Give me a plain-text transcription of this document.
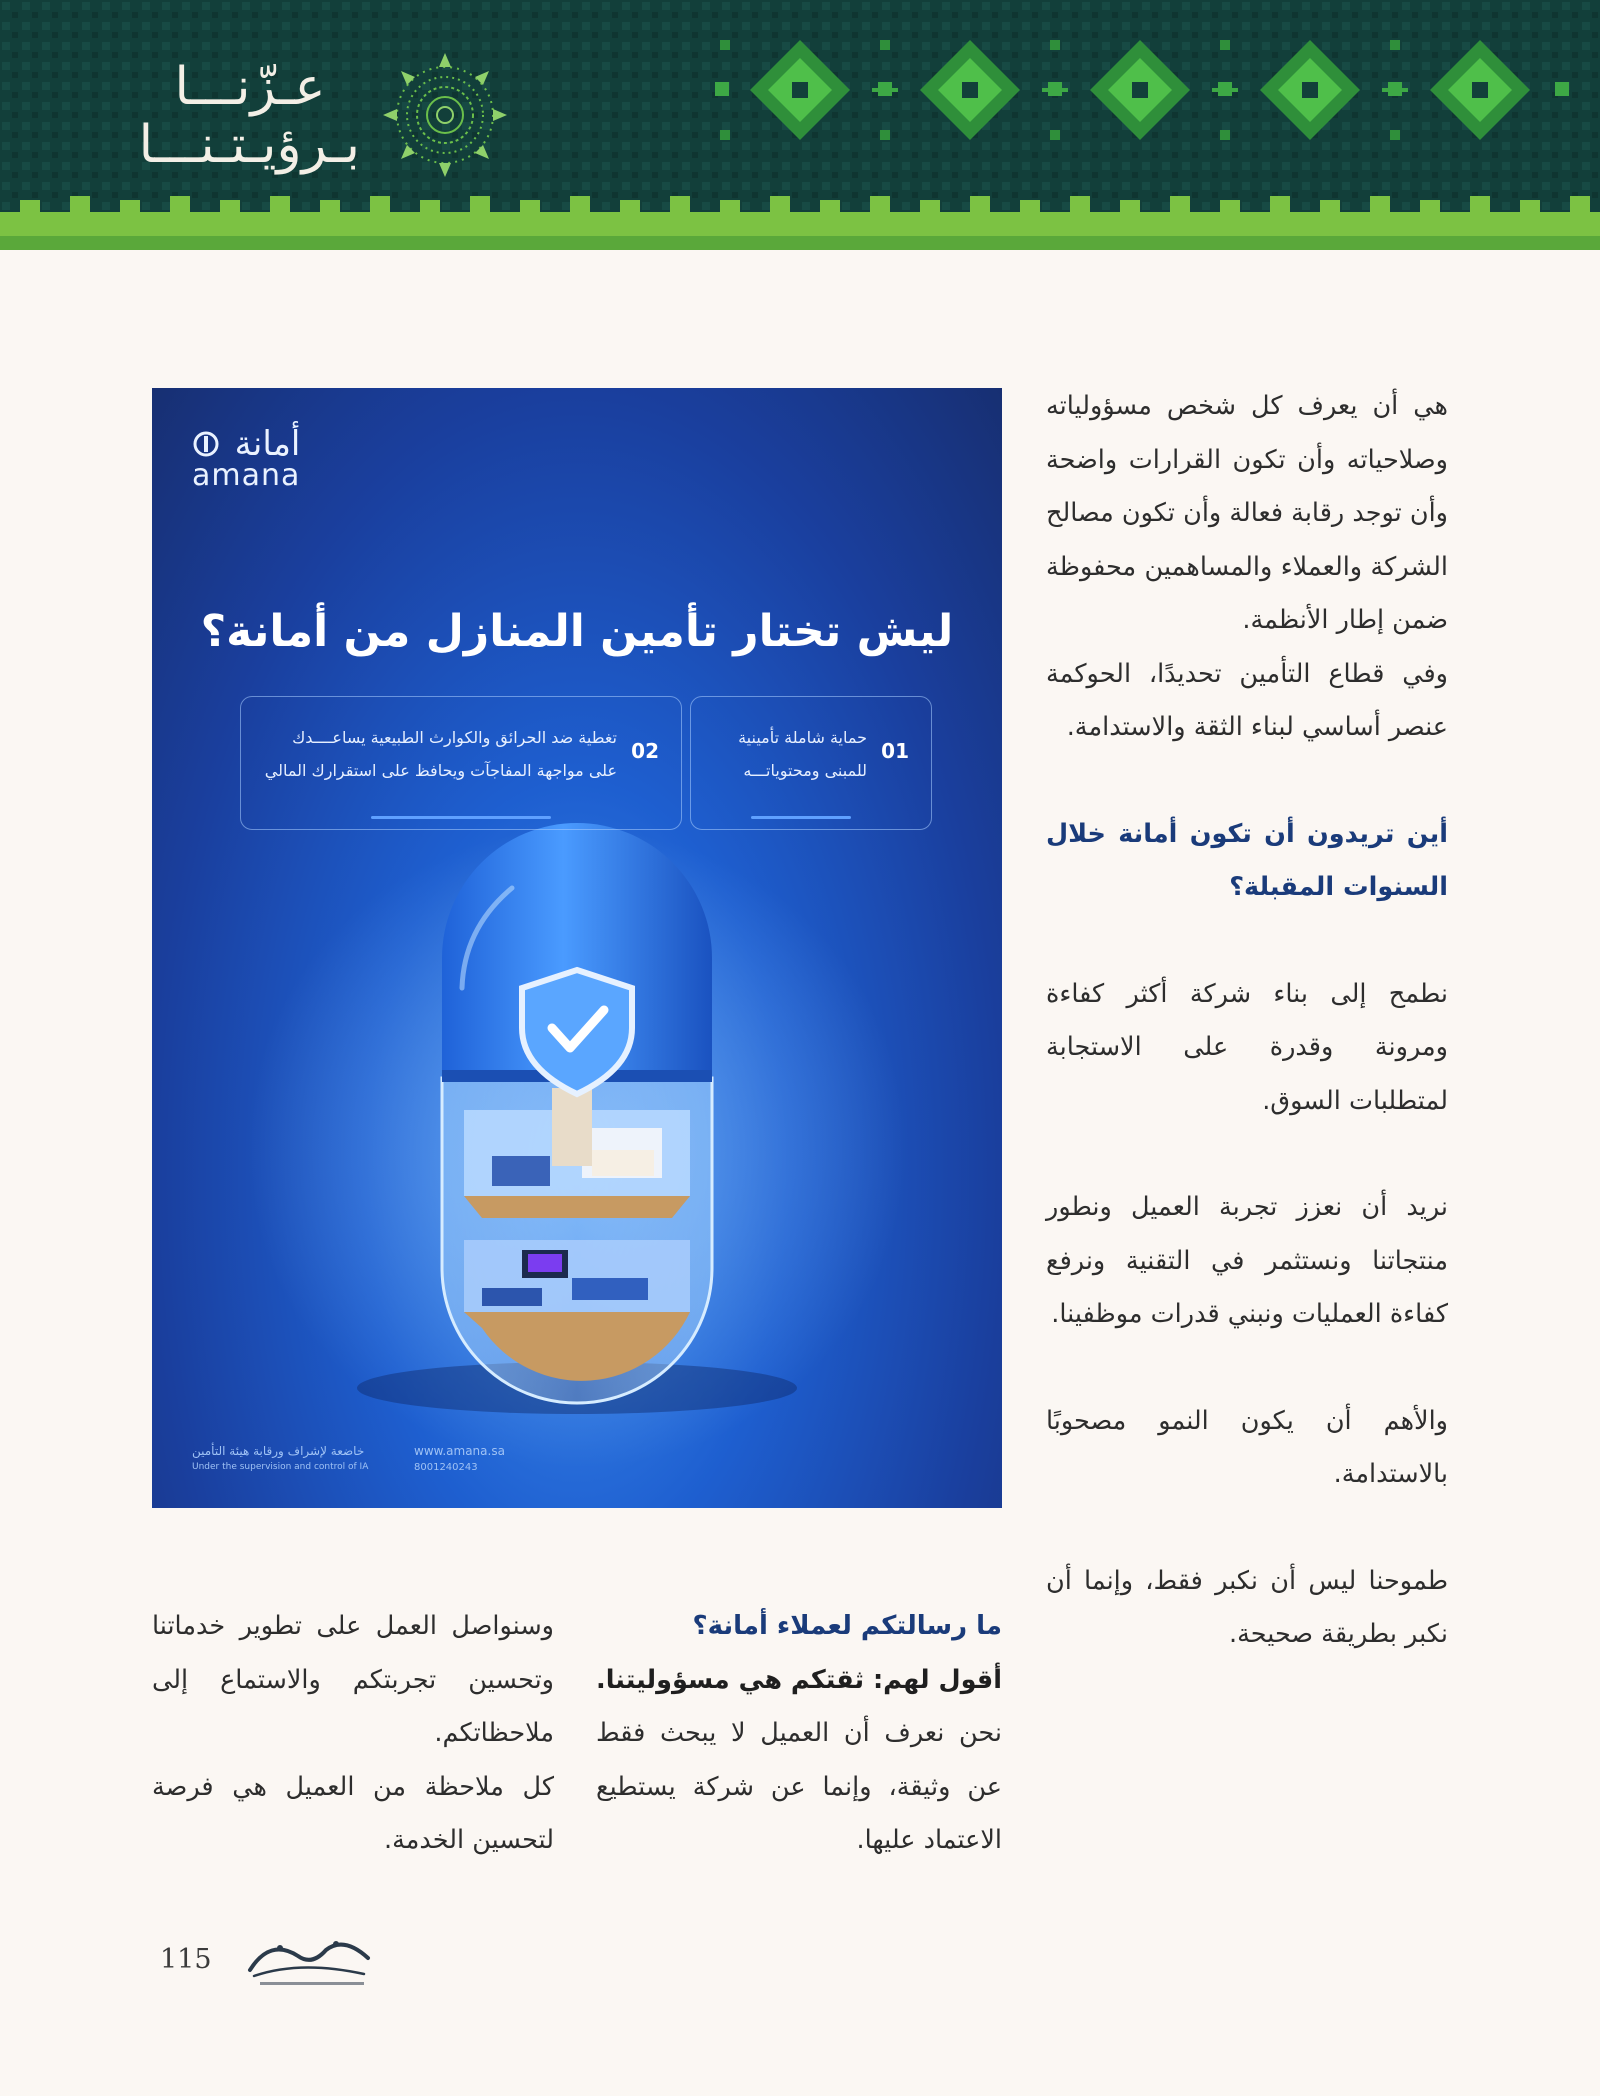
عـزّنـــا
بـرؤيـتـنـــا

هي أن يعرف كل شخص مسؤولياته وصلاحياته وأن تكون القرارات واضحة وأن توجد رقابة فعالة وأن تكون مصالح الشركة والعملاء والمساهمين محفوظة ضمن إطار الأنظمة.

وفي قطاع التأمين تحديدًا، الحوكمة عنصر أساسي لبناء الثقة والاستدامة.

أين تريدون أن تكون أمانة خلال السنوات المقبلة؟

نطمح إلى بناء شركة أكثر كفاءة ومرونة وقدرة على الاستجابة لمتطلبات السوق.

نريد أن نعزز تجربة العميل ونطور منتجاتنا ونستثمر في التقنية ونرفع كفاءة العمليات ونبني قدرات موظفينا.

والأهم أن يكون النمو مصحوبًا بالاستدامة.

طموحنا ليس أن نكبر فقط، وإنما أن نكبر بطريقة صحيحة.

أمانة
amana
ليش تختار تأمين المنازل من أمانة؟
02
تغطية ضد الحرائق والكوارث الطبيعية يساعــــدك
على مواجهة المفاجآت ويحافظ على استقرارك المالي
01
حماية شاملة تأمينية
للمبنى ومحتوياتـــه
خاضعة لإشراف ورقابة هيئة التأمين
Under the supervision and control of IA
www.amana.sa
8001240243

ما رسالتكم لعملاء أمانة؟

أقول لهم: ثقتكم هي مسؤوليتنا.

نحن نعرف أن العميل لا يبحث فقط عن وثيقة، وإنما عن شركة يستطيع الاعتماد عليها.

وسنواصل العمل على تطوير خدماتنا وتحسين تجربتكم والاستماع إلى ملاحظاتكم.

كل ملاحظة من العميل هي فرصة لتحسين الخدمة.

115
